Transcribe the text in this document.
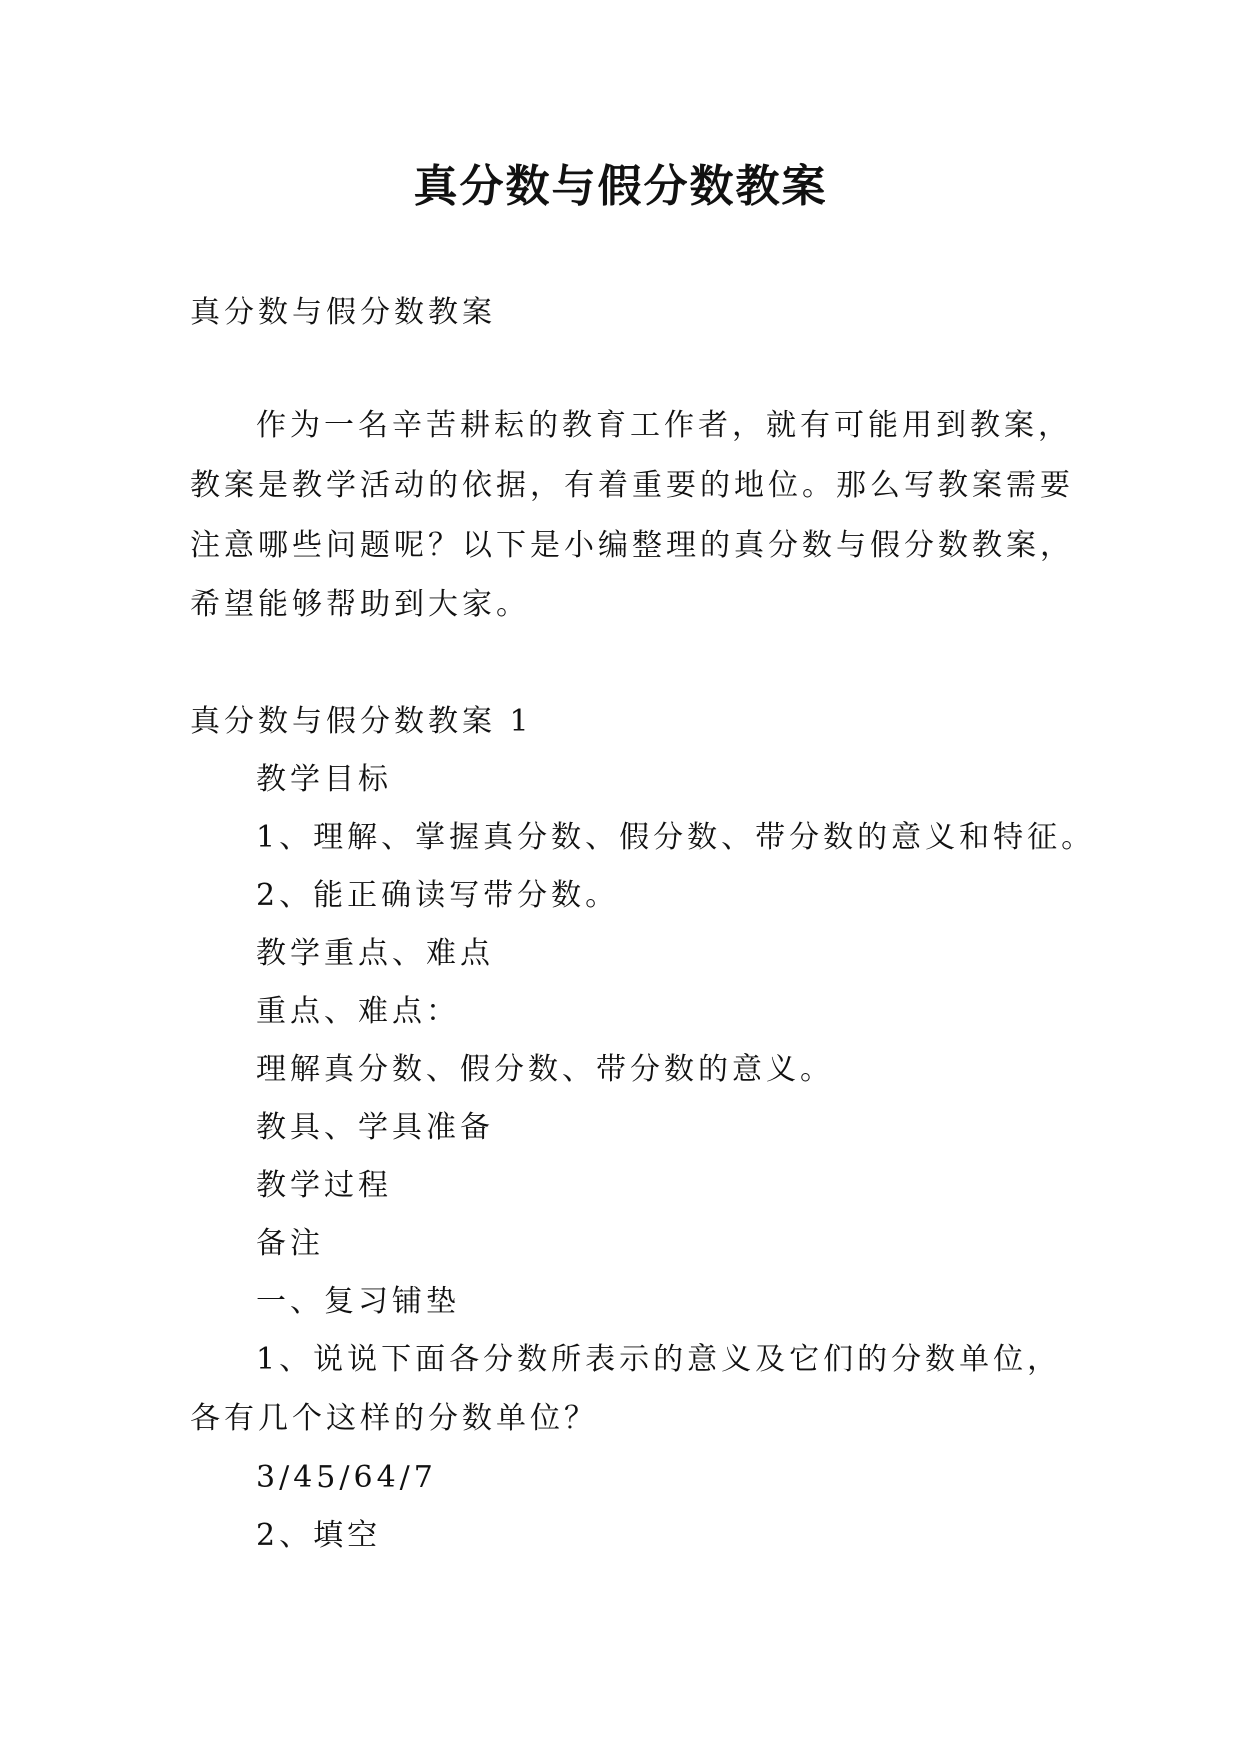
真分数与假分数教案
真分数与假分数教案
作为一名辛苦耕耘的教育工作者，就有可能用到教案，
教案是教学活动的依据，有着重要的地位。那么写教案需要
注意哪些问题呢？以下是小编整理的真分数与假分数教案，
希望能够帮助到大家。
真分数与假分数教案 1
教学目标
1、理解、掌握真分数、假分数、带分数的意义和特征。
2、能正确读写带分数。
教学重点、难点
重点、难点：
理解真分数、假分数、带分数的意义。
教具、学具准备
教学过程
备注
一、复习铺垫
1、说说下面各分数所表示的意义及它们的分数单位，
各有几个这样的分数单位？
3/45/64/7
2、填空
